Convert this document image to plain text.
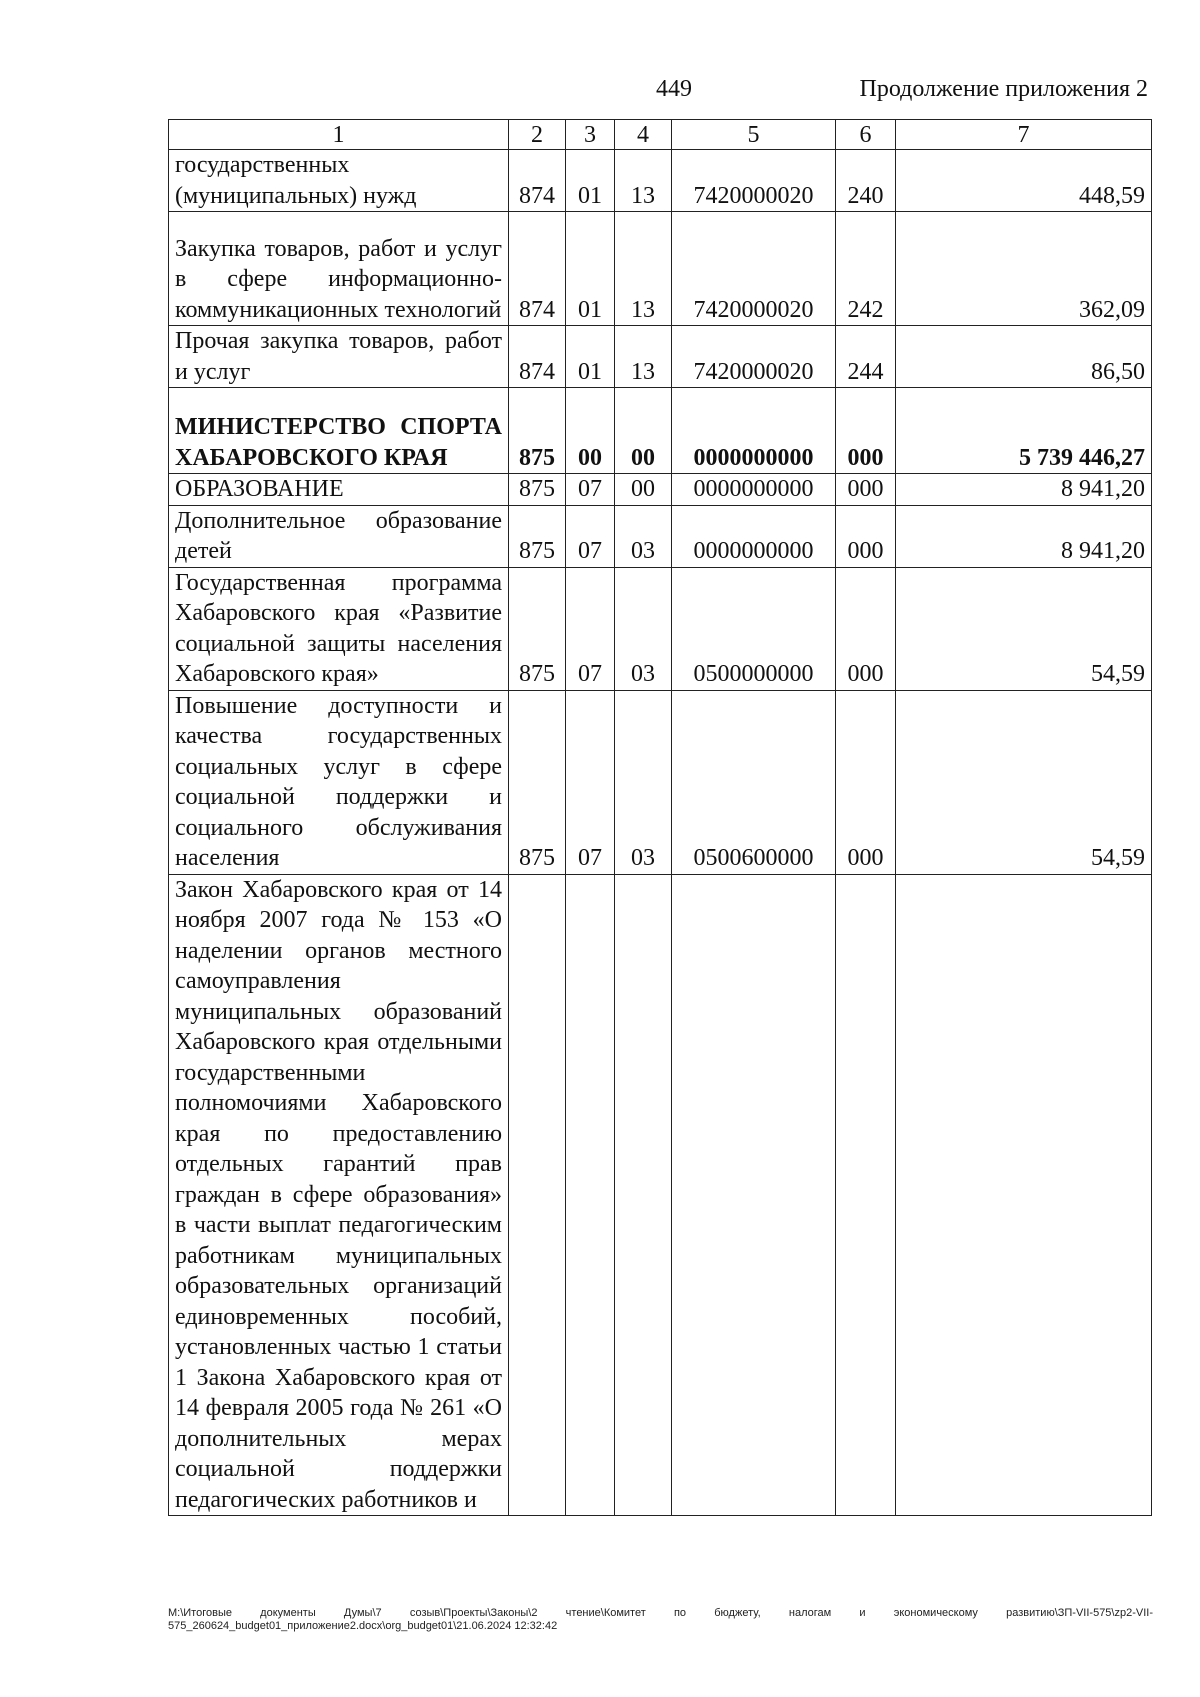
449	Продолжение приложения 2
1	2	3	4	5	6	7
государственных (муниципальных) нужд	874	01	13	7420000020	240	448,59
Закупка товаров, работ и услуг в сфере информационно-коммуникационных технологий	874	01	13	7420000020	242	362,09
Прочая закупка товаров, работ и услуг	874	01	13	7420000020	244	86,50
МИНИСТЕРСТВО СПОРТА ХАБАРОВСКОГО КРАЯ	875	00	00	0000000000	000	5 739 446,27
ОБРАЗОВАНИЕ	875	07	00	0000000000	000	8 941,20
Дополнительное образование детей	875	07	03	0000000000	000	8 941,20
Государственная программа Хабаровского края «Развитие социальной защиты населения Хабаровского края»	875	07	03	0500000000	000	54,59
Повышение доступности и качества государственных социальных услуг в сфере социальной поддержки и социального обслуживания населения	875	07	03	0500600000	000	54,59
Закон Хабаровского края от 14 ноября 2007 года № 153 «О наделении органов местного самоуправления муниципальных образований Хабаровского края отдельными государственными полномочиями Хабаровского края по предоставлению отдельных гарантий прав граждан в сфере образования» в части выплат педагогическим работникам муниципальных образовательных организаций единовременных пособий, установленных частью 1 статьи 1 Закона Хабаровского края от 14 февраля 2005 года № 261 «О дополнительных мерах социальной поддержки педагогических работников и						
M:\Итоговые документы Думы\7 созыв\Проекты\Законы\2 чтение\Комитет по бюджету, налогам и экономическому развитию\ЗП-VII-575\zp2-VII-575_260624_budget01_приложение2.docx\org_budget01\21.06.2024 12:32:42
